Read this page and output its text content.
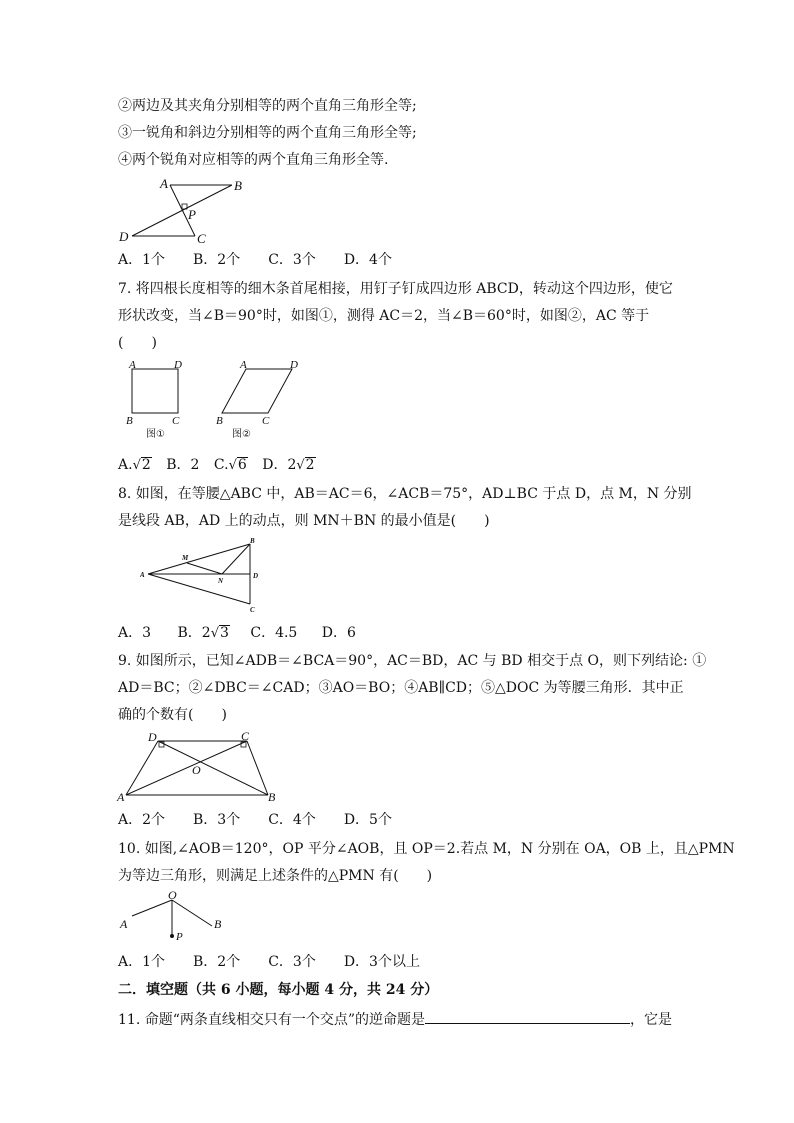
②两边及其夹角分别相等的两个直角三角形全等;
③一锐角和斜边分别相等的两个直角三角形全等;
④两个锐角对应相等的两个直角三角形全等.
A	B
P
D	C
A．1个　　B．2个　　C．3个　　D．4个
7. 将四根长度相等的细木条首尾相接，用钉子钉成四边形 ABCD，转动这个四边形，使它
形状改变，当∠B＝90°时，如图①，测得 AC＝2，当∠B＝60°时，如图②，AC 等于
(　　)
A	D
B	C
图①
A	D
B	C
图②
A.√2 B．2 C.√6 D．2√2
8. 如图，在等腰△ABC 中，AB＝AC＝6，∠ACB＝75°，AD⊥BC 于点 D，点 M，N 分别
是线段 AB，AD 上的动点，则 MN＋BN 的最小值是(　　)
A
B
C
D
M
N
A．3 B．2√3 C．4.5 D．6
9. 如图所示，已知∠ADB＝∠BCA＝90°，AC＝BD，AC 与 BD 相交于点 O，则下列结论: ①
AD＝BC；②∠DBC＝∠CAD；③AO＝BO；④AB∥CD；⑤△DOC 为等腰三角形．其中正
确的个数有(　　)
A	B
C
D
O
A．2个　　B．3个　　C．4个　　D．5个
10. 如图,∠AOB＝120°，OP 平分∠AOB，且 OP＝2.若点 M，N 分别在 OA，OB 上，且△PMN
为等边三角形，则满足上述条件的△PMN 有(　　)
A
O
B
P
A．1个　　B．2个　　C．3个　　D．3个以上
二．填空题（共 6 小题，每小题 4 分，共 24 分）
11. 命题“两条直线相交只有一个交点”的逆命题是	，它是
